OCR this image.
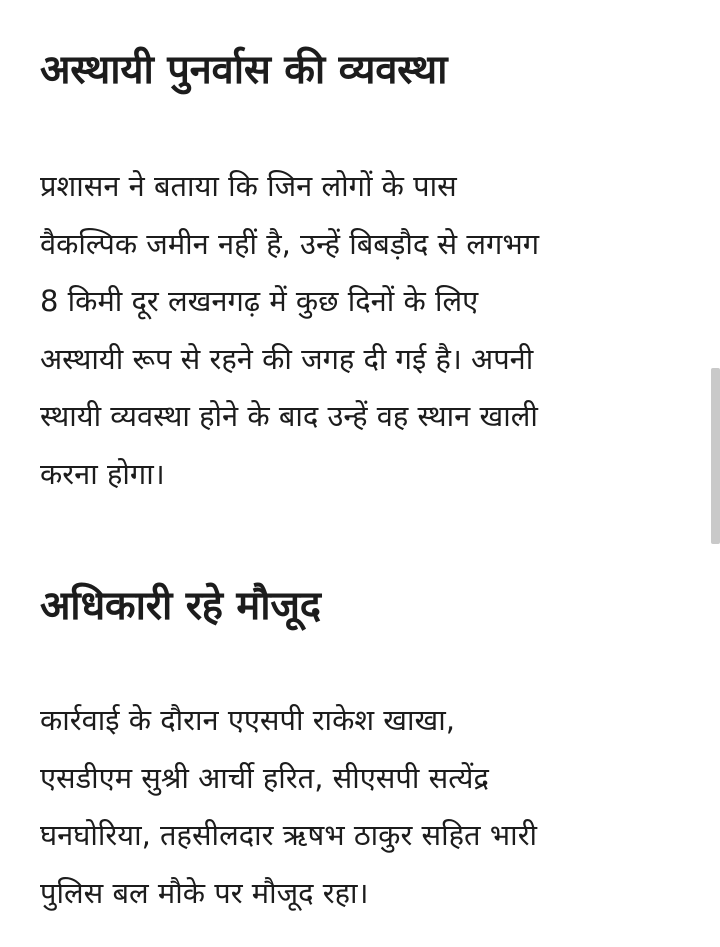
अस्थायी पुनर्वास की व्यवस्था

प्रशासन ने बताया कि जिन लोगों के पास
वैकल्पिक जमीन नहीं है, उन्हें बिबड़ौद से लगभग
8 किमी दूर लखनगढ़ में कुछ दिनों के लिए
अस्थायी रूप से रहने की जगह दी गई है। अपनी
स्थायी व्यवस्था होने के बाद उन्हें वह स्थान खाली
करना होगा।

अधिकारी रहे मौजूद

कार्रवाई के दौरान एएसपी राकेश खाखा,
एसडीएम सुश्री आर्ची हरित, सीएसपी सत्येंद्र
घनघोरिया, तहसीलदार ऋषभ ठाकुर सहित भारी
पुलिस बल मौके पर मौजूद रहा।
